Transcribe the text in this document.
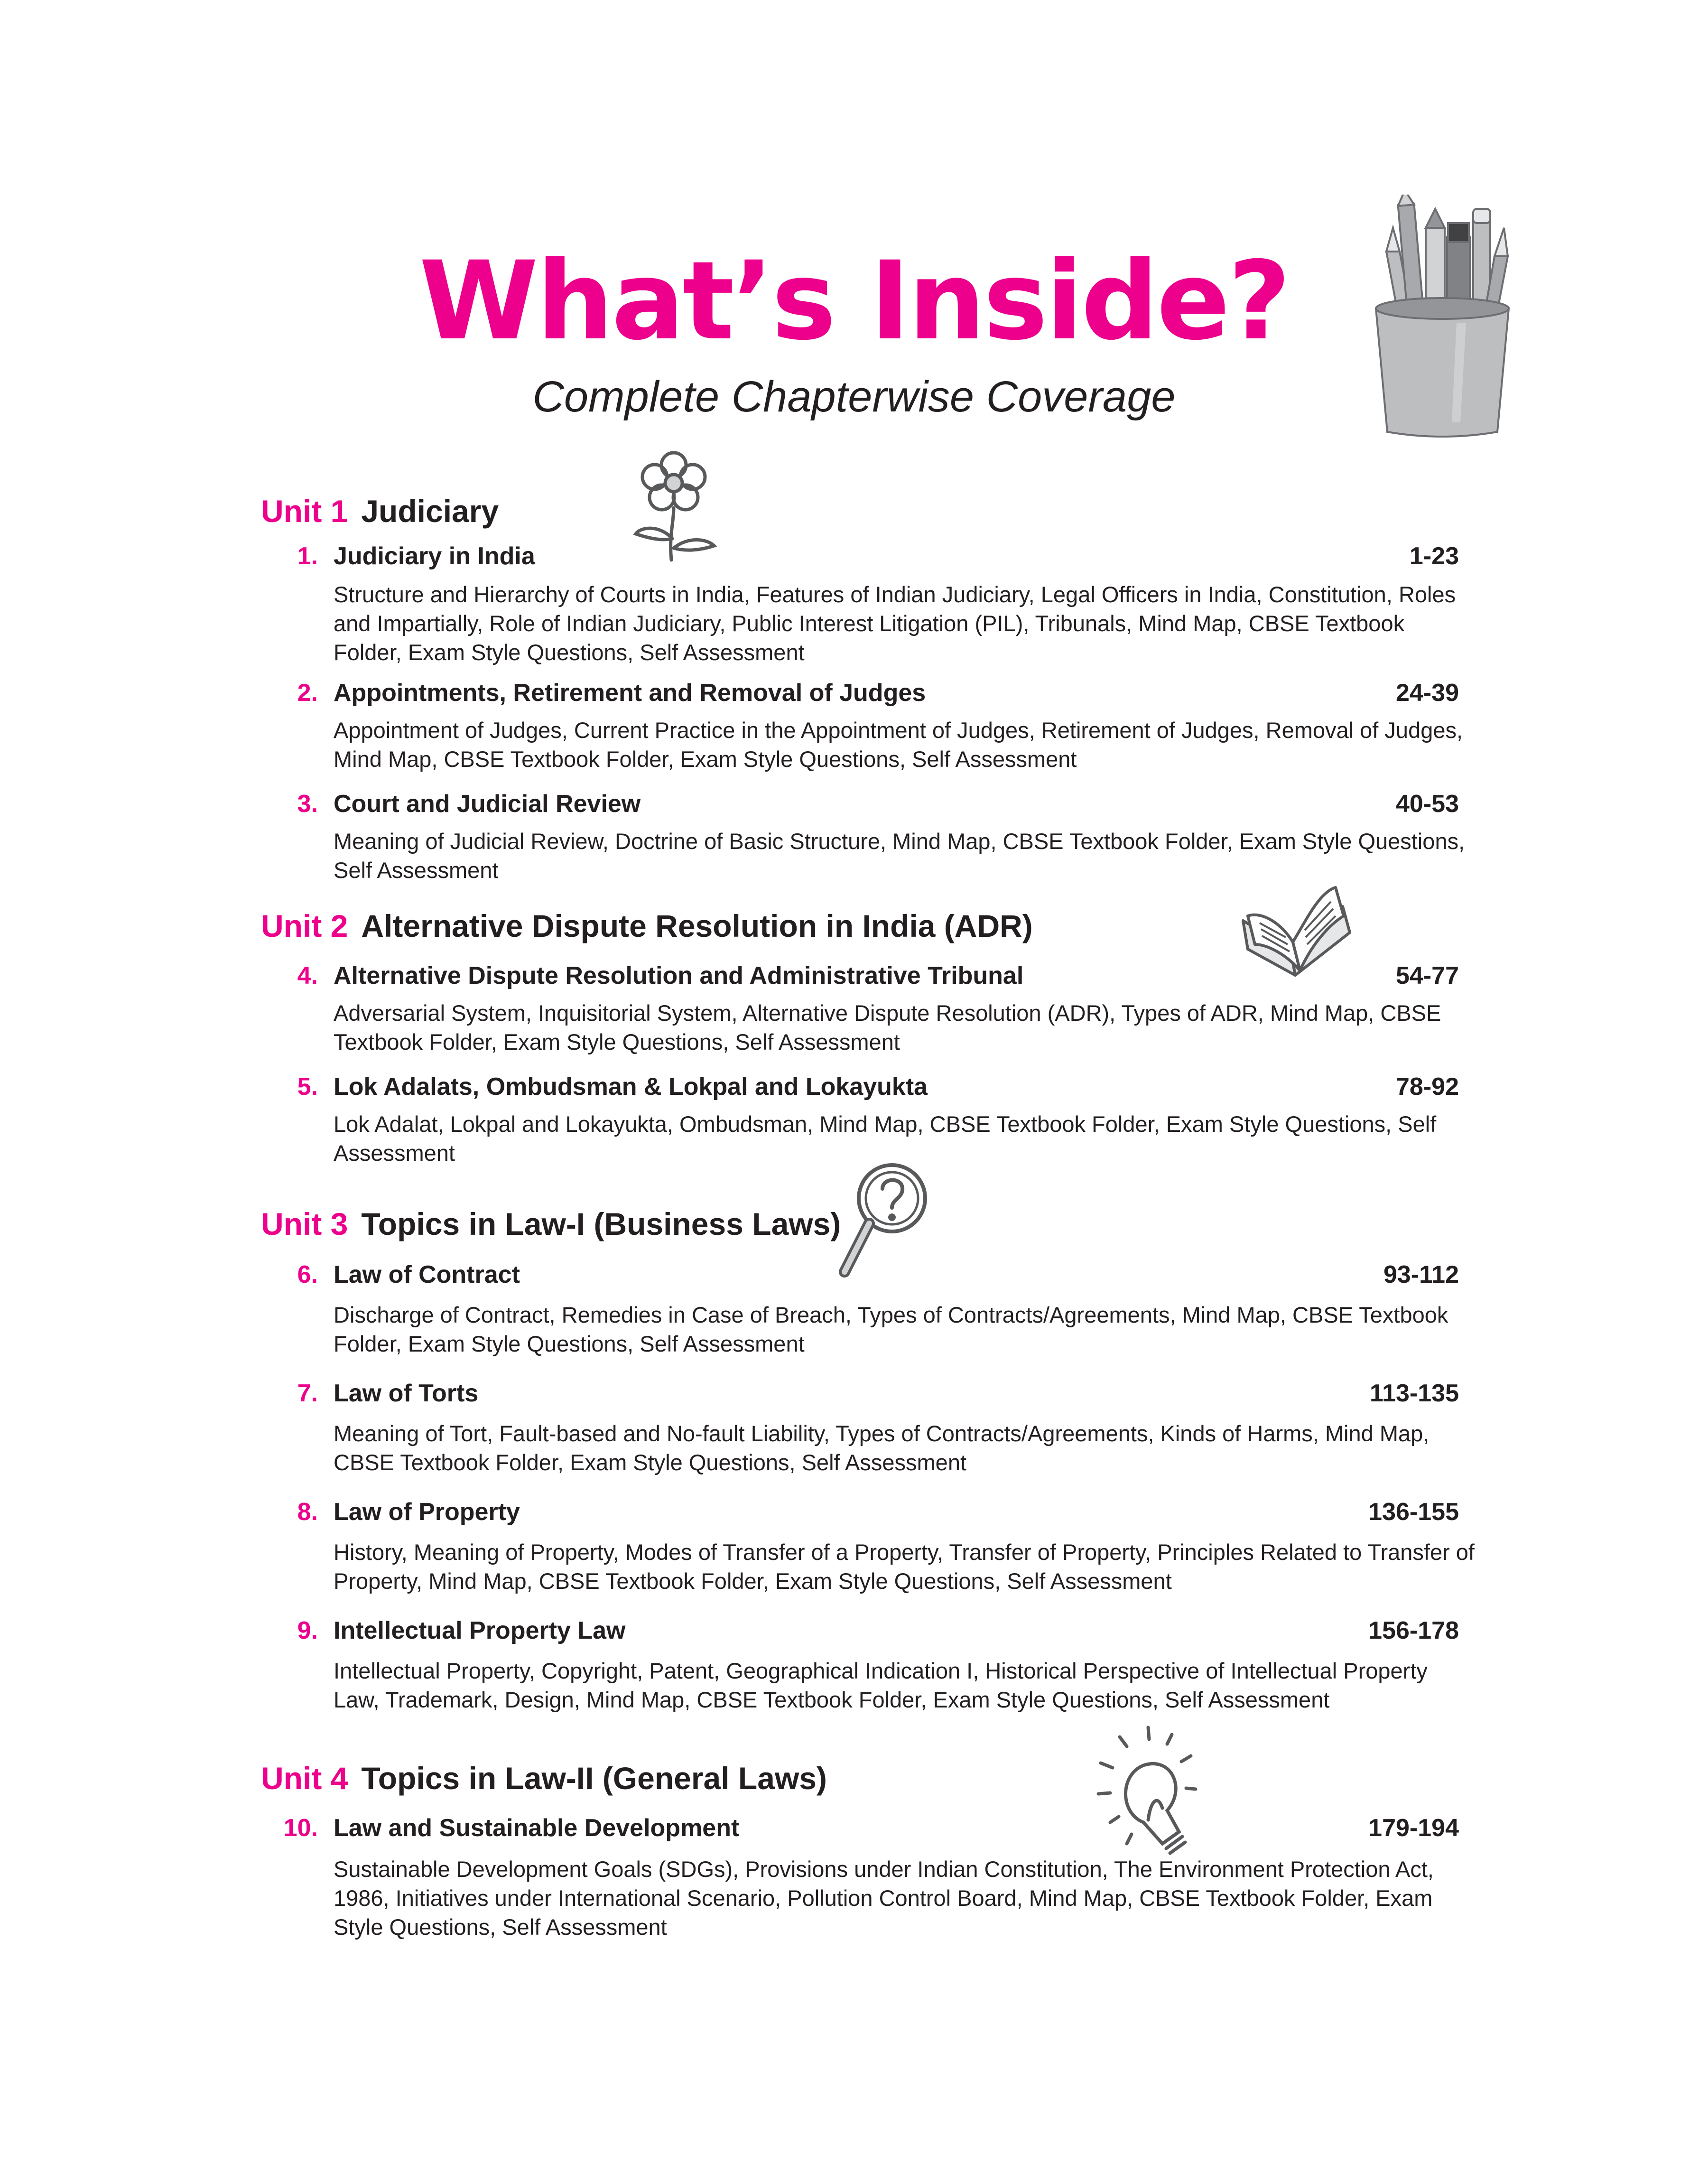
What’s Inside?
Complete Chapterwise Coverage
Unit 1 Judiciary
1. Judiciary in India	1-23
Structure and Hierarchy of Courts in India, Features of Indian Judiciary, Legal Officers in India, Constitution, Roles and Impartially, Role of Indian Judiciary, Public Interest Litigation (PIL), Tribunals, Mind Map, CBSE Textbook Folder, Exam Style Questions, Self Assessment
2. Appointments, Retirement and Removal of Judges	24-39
Appointment of Judges, Current Practice in the Appointment of Judges, Retirement of Judges, Removal of Judges, Mind Map, CBSE Textbook Folder, Exam Style Questions, Self Assessment
3. Court and Judicial Review	40-53
Meaning of Judicial Review, Doctrine of Basic Structure, Mind Map, CBSE Textbook Folder, Exam Style Questions, Self Assessment
Unit 2 Alternative Dispute Resolution in India (ADR)
4. Alternative Dispute Resolution and Administrative Tribunal	54-77
Adversarial System, Inquisitorial System, Alternative Dispute Resolution (ADR), Types of ADR, Mind Map, CBSE Textbook Folder, Exam Style Questions, Self Assessment
5. Lok Adalats, Ombudsman & Lokpal and Lokayukta	78-92
Lok Adalat, Lokpal and Lokayukta, Ombudsman, Mind Map, CBSE Textbook Folder, Exam Style Questions, Self Assessment
Unit 3 Topics in Law-I (Business Laws)
6. Law of Contract	93-112
Discharge of Contract, Remedies in Case of Breach, Types of Contracts/Agreements, Mind Map, CBSE Textbook Folder, Exam Style Questions, Self Assessment
7. Law of Torts	113-135
Meaning of Tort, Fault-based and No-fault Liability, Types of Contracts/Agreements, Kinds of Harms, Mind Map, CBSE Textbook Folder, Exam Style Questions, Self Assessment
8. Law of Property	136-155
History, Meaning of Property, Modes of Transfer of a Property, Transfer of Property, Principles Related to Transfer of Property, Mind Map, CBSE Textbook Folder, Exam Style Questions, Self Assessment
9. Intellectual Property Law	156-178
Intellectual Property, Copyright, Patent, Geographical Indication I, Historical Perspective of Intellectual Property Law, Trademark, Design, Mind Map, CBSE Textbook Folder, Exam Style Questions, Self Assessment
Unit 4 Topics in Law-II (General Laws)
10. Law and Sustainable Development	179-194
Sustainable Development Goals (SDGs), Provisions under Indian Constitution, The Environment Protection Act, 1986, Initiatives under International Scenario, Pollution Control Board, Mind Map, CBSE Textbook Folder, Exam Style Questions, Self Assessment
